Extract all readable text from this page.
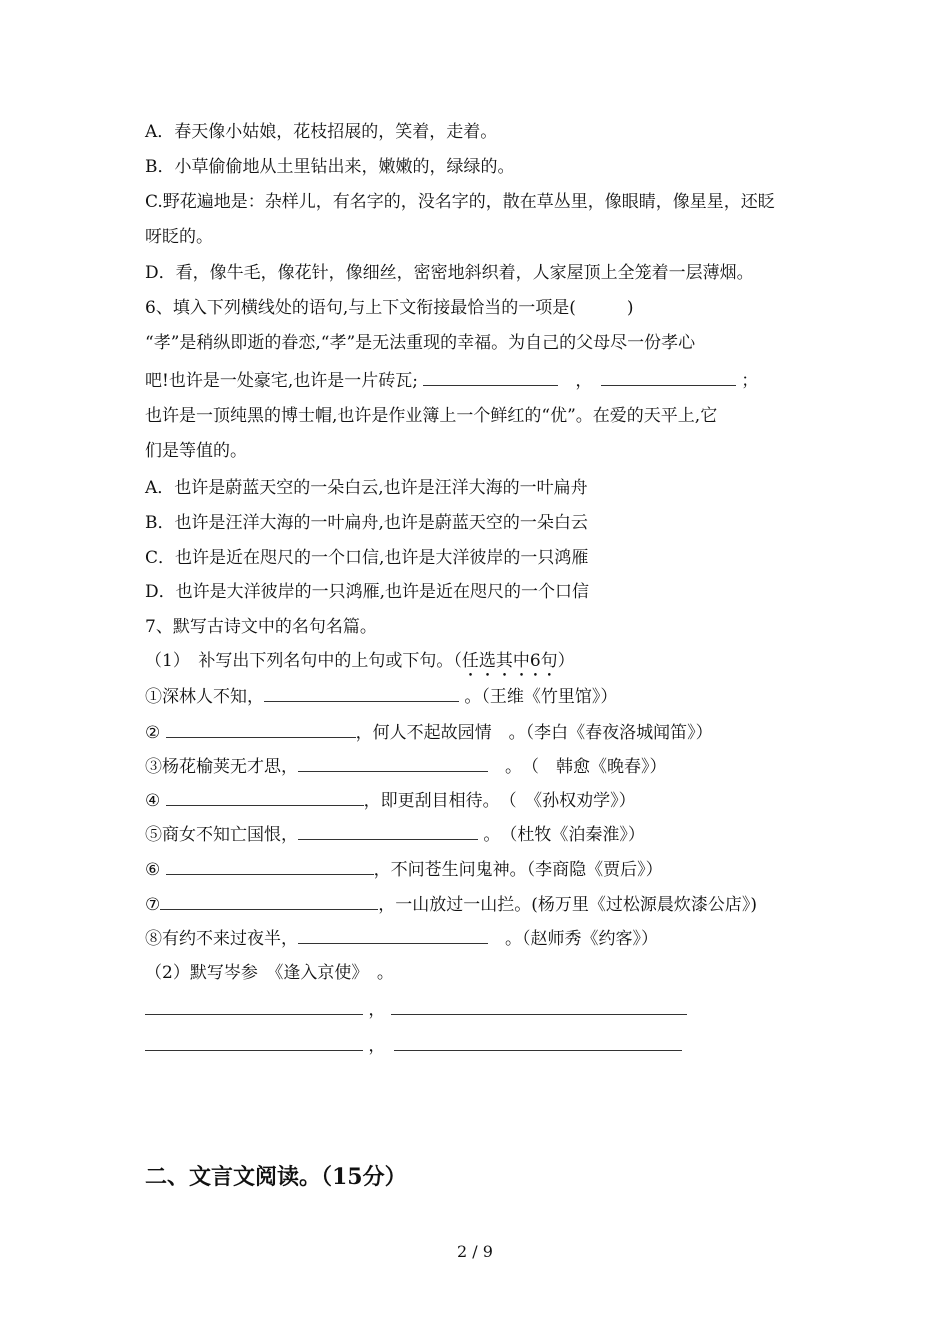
A．春天像小姑娘，花枝招展的，笑着，走着。
B．小草偷偷地从土里钻出来，嫩嫩的，绿绿的。
C.野花遍地是：杂样儿，有名字的，没名字的，散在草丛里，像眼睛，像星星，还眨
呀眨的。
D．看，像牛毛，像花针，像细丝，密密地斜织着，人家屋顶上全笼着一层薄烟。
6、填入下列横线处的语句,与上下文衔接最恰当的一项是(　　　)
“孝”是稍纵即逝的眷恋,“孝”是无法重现的幸福。为自己的父母尽一份孝心
吧!也许是一处豪宅,也许是一片砖瓦;	　，　	；
也许是一顶纯黑的博士帽,也许是作业簿上一个鲜红的“优”。在爱的天平上,它
们是等值的。
A．也许是蔚蓝天空的一朵白云,也许是汪洋大海的一叶扁舟
B．也许是汪洋大海的一叶扁舟,也许是蔚蓝天空的一朵白云
C．也许是近在咫尺的一个口信,也许是大洋彼岸的一只鸿雁
D．也许是大洋彼岸的一只鸿雁,也许是近在咫尺的一个口信
7、默写古诗文中的名句名篇。
（1）　补写出下列名句中的上句或下句。（任选其中6句）
①深林人不知，	。（王维《竹里馆》）
②	，何人不起故园情　。（李白《春夜洛城闻笛》）
③杨花榆荚无才思，	　。　（　韩愈《晚春》）
④	，即更刮目相待。　（　《孙权劝学》）
⑤商女不知亡国恨，	。　（杜牧《泊秦淮》）
⑥	，不问苍生问鬼神。（李商隐《贾后》）
⑦	，一山放过一山拦。(杨万里《过松源晨炊漆公店》)
⑧有约不来过夜半，	　。（赵师秀《约客》）
（2）默写岑参　《逢入京使》　。
，
，　
二、文言文阅读。（15分）
2 / 9
